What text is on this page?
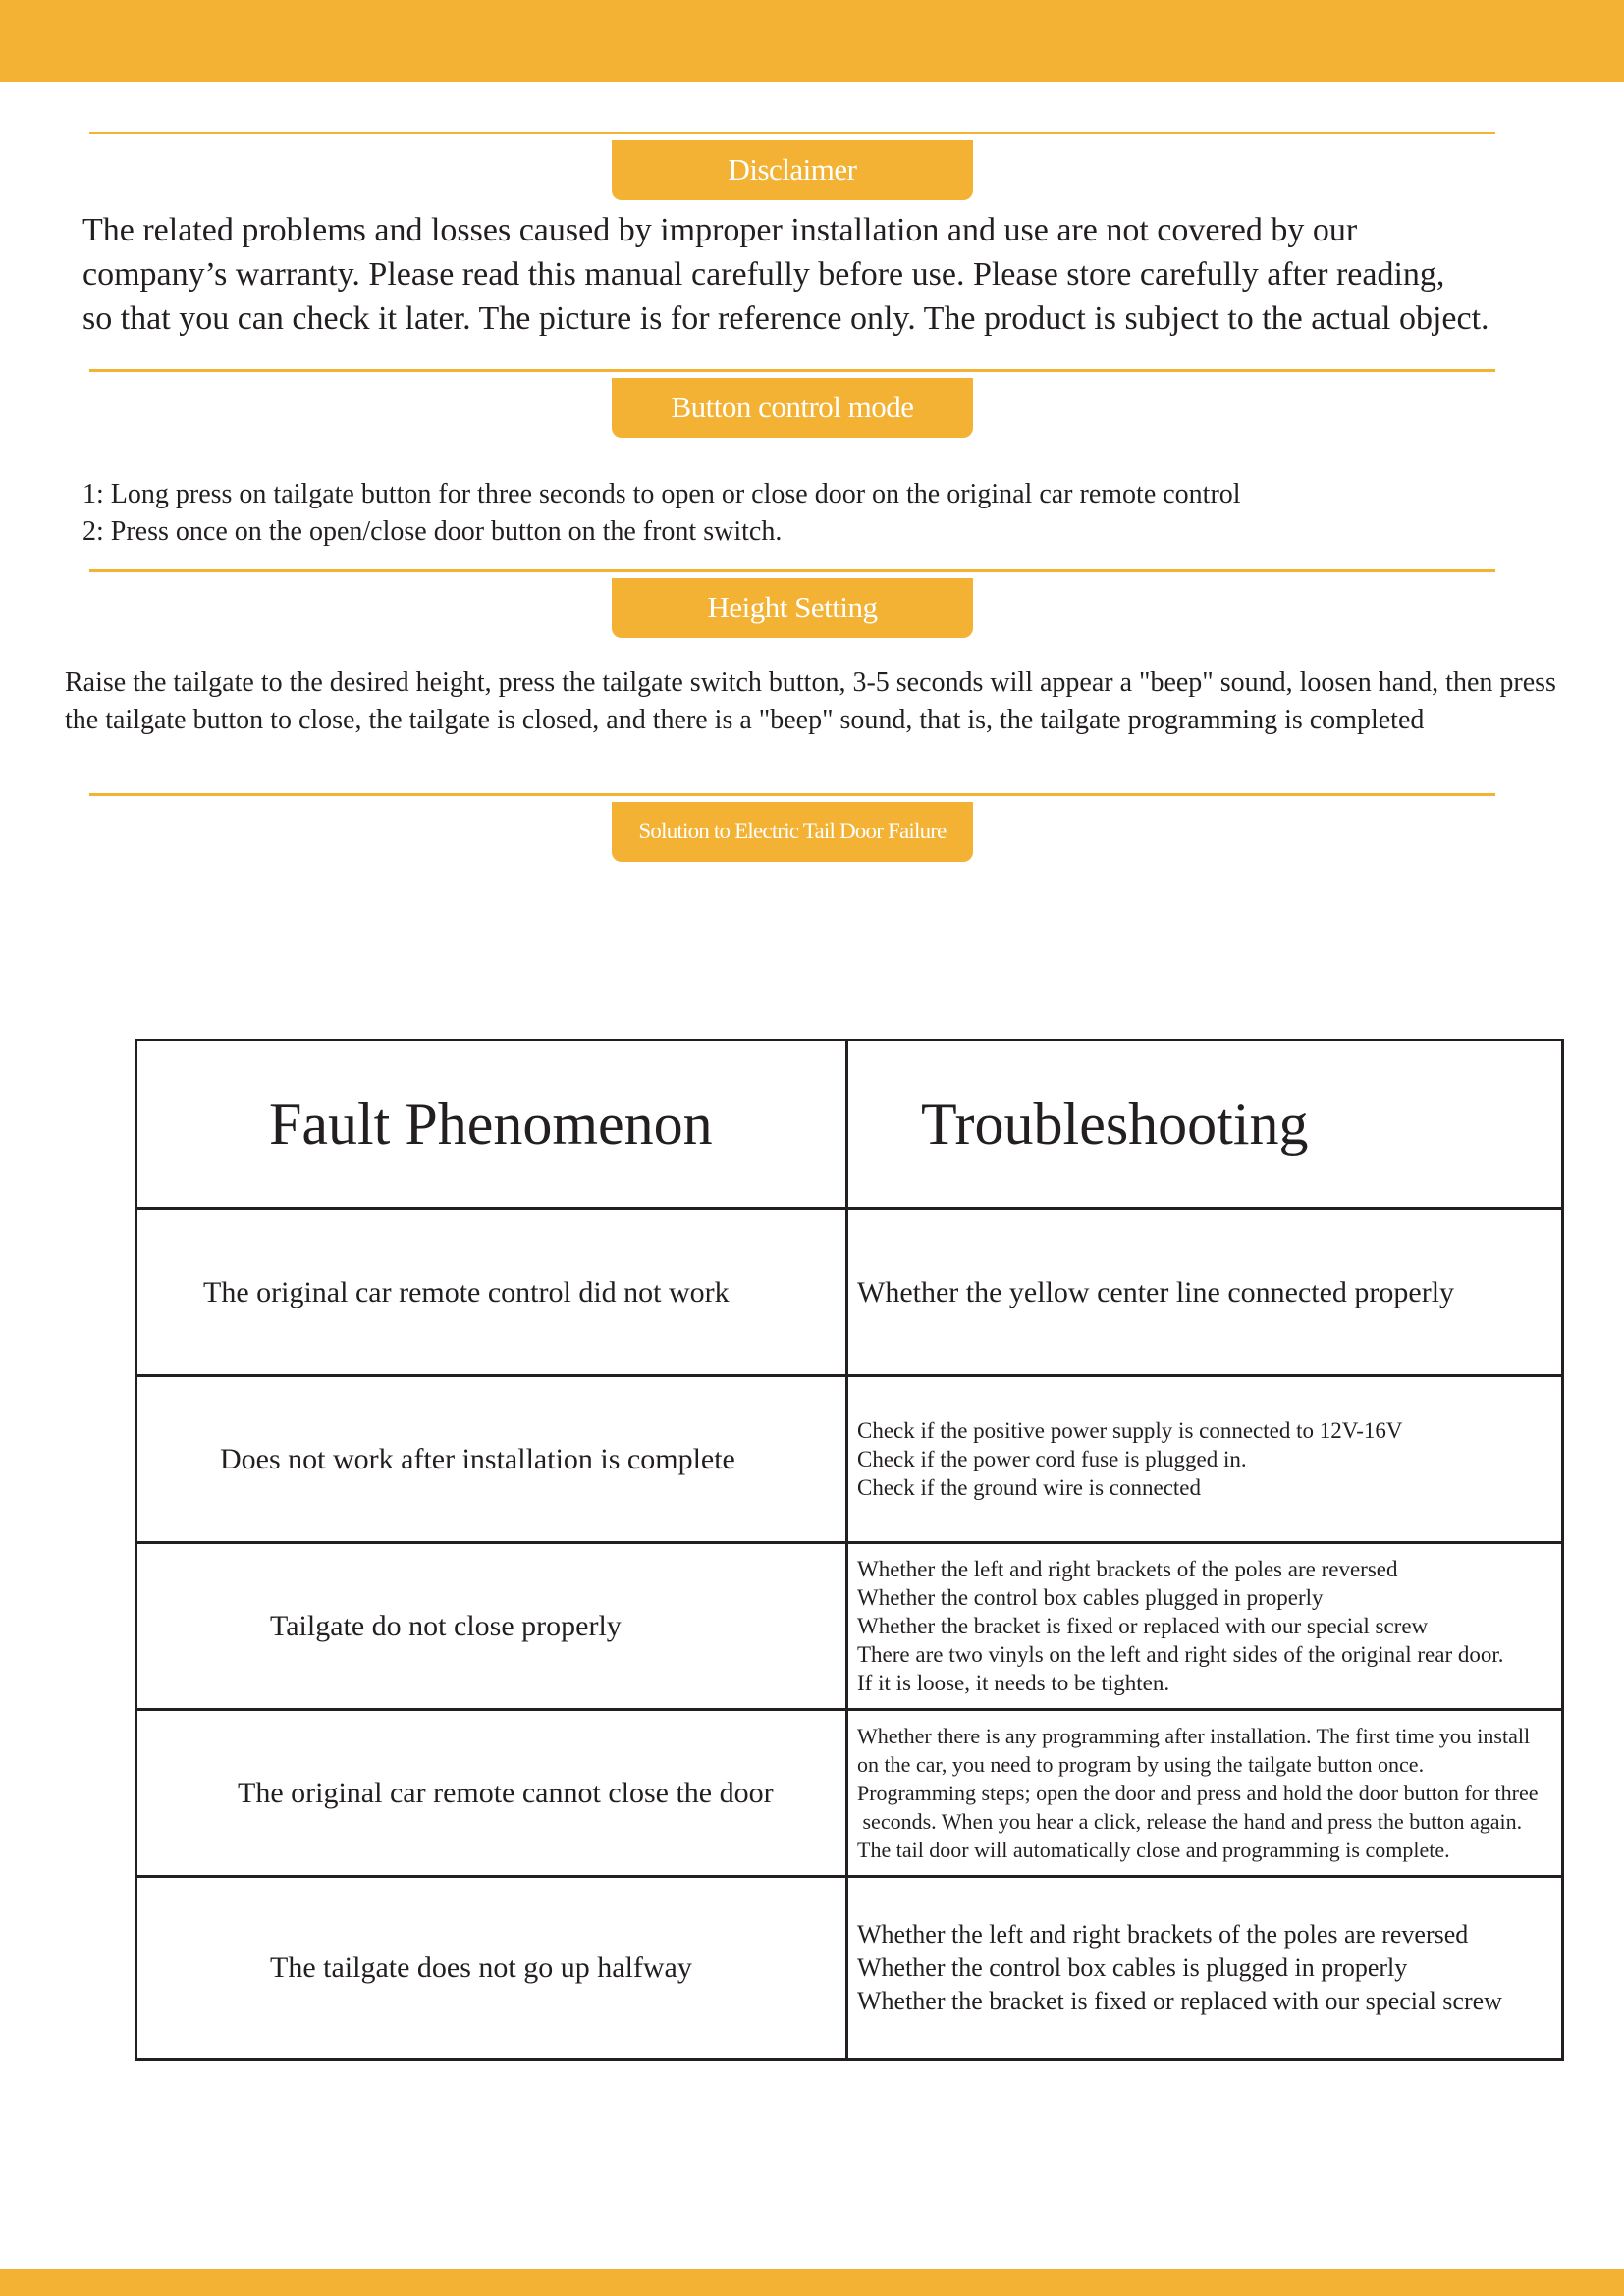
Disclaimer
The related problems and losses caused by improper installation and use are not covered by our
company’s warranty. Please read this manual carefully before use. Please store carefully after reading,
so that you can check it later. The picture is for reference only. The product is subject to the actual object.
Button control mode
1: Long press on tailgate button for three seconds to open or close door on the original car remote control
2: Press once on the open/close door button on the front switch.
Height Setting

Raise the tailgate to the desired height, press the tailgate switch button, 3-5 seconds will appear a "beep" sound, loosen hand, then press the tailgate button to close, the tailgate is closed, and there is a "beep" sound, that is, the tailgate programming is completed

Solution to Electric Tail Door Failure
Fault Phenomenon	Troubleshooting
The original car remote control did not work	Whether the yellow center line connected properly

Does not work after installation is complete	Check if the positive power supply is connected to 12V-16V
Check if the power cord fuse is plugged in.
Check if the ground wire is connected

Tailgate do not close properly	Whether the left and right brackets of the poles are reversed
Whether the control box cables plugged in properly
Whether the bracket is fixed or replaced with our special screw
There are two vinyls on the left and right sides of the original rear door.
If it is loose, it needs to be tighten.

The original car remote cannot close the door	Whether there is any programming after installation. The first time you install
on the car, you need to program by using the tailgate button once.
Programming steps; open the door and press and hold the door button for three
seconds. When you hear a click, release the hand and press the button again.
The tail door will automatically close and programming is complete.

The tailgate does not go up halfway	Whether the left and right brackets of the poles are reversed
Whether the control box cables is plugged in properly
Whether the bracket is fixed or replaced with our special screw
